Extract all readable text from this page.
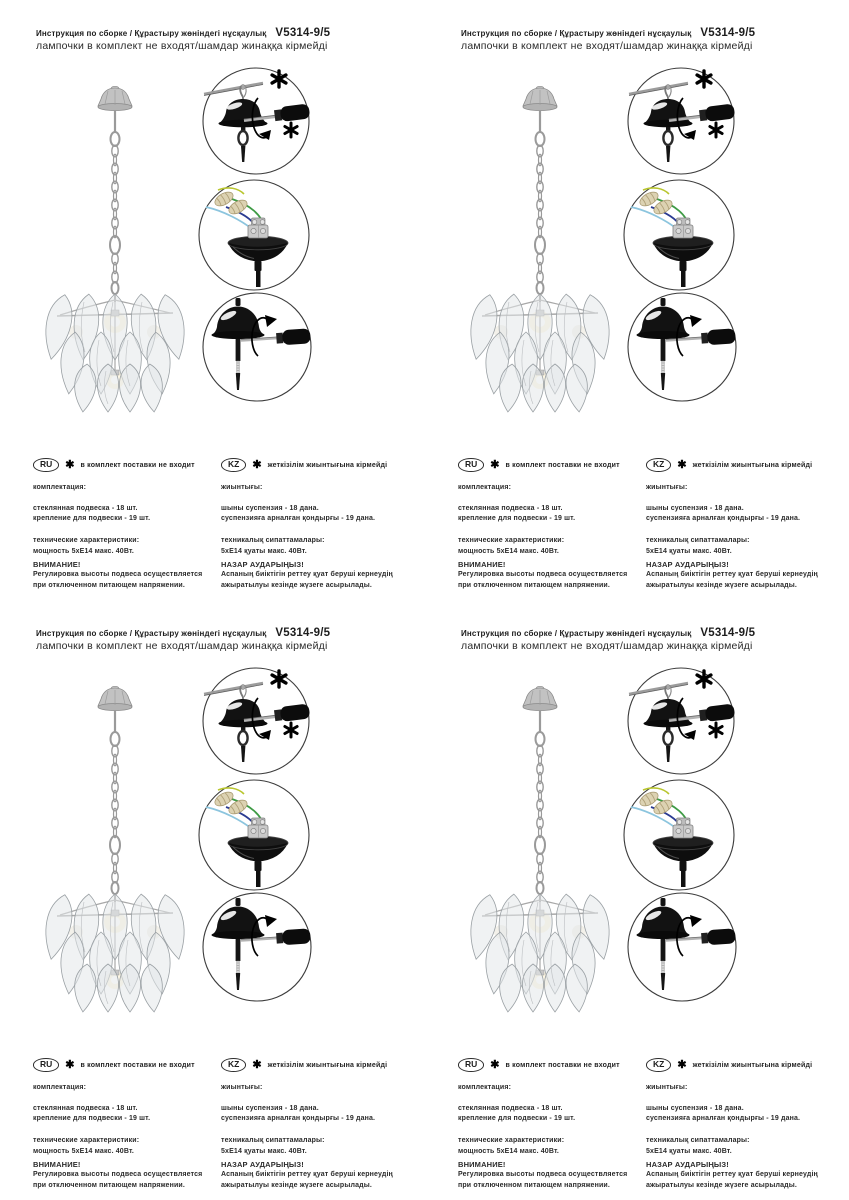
Инструкция по сборке / Құрастыру жөніндегі нұсқаулық V5314-9/5
лампочки в комплект не входят/шамдар жинаққа кірмейді
RU	✱ в комплект поставки не входит
комплектация:
стеклянная подвеска - 18 шт.
крепление для подвески - 19 шт.
технические характеристики:
мощность 5хЕ14 макс. 40Вт.
ВНИМАНИЕ!
Регулировка высоты подвеса осуществляется при отключенном питающем напряжении.
KZ	✱ жеткізілім жиынтығына кірмейді
жиынтығы:
шыны суспензия - 18 дана.
суспензияға арналған қондырғы - 19 дана.
техникалық сипаттамалары:
5хЕ14 қуаты макс. 40Вт.
НАЗАР АУДАРЫҢЫЗ!
Аспаның биіктігін реттеу қуат беруші кернеудің ажыратылуы кезінде жүзеге асырылады.
Инструкция по сборке / Құрастыру жөніндегі нұсқаулық V5314-9/5
лампочки в комплект не входят/шамдар жинаққа кірмейді
RU	✱ в комплект поставки не входит
комплектация:
стеклянная подвеска - 18 шт.
крепление для подвески - 19 шт.
технические характеристики:
мощность 5хЕ14 макс. 40Вт.
ВНИМАНИЕ!
Регулировка высоты подвеса осуществляется при отключенном питающем напряжении.
KZ	✱ жеткізілім жиынтығына кірмейді
жиынтығы:
шыны суспензия - 18 дана.
суспензияға арналған қондырғы - 19 дана.
техникалық сипаттамалары:
5хЕ14 қуаты макс. 40Вт.
НАЗАР АУДАРЫҢЫЗ!
Аспаның биіктігін реттеу қуат беруші кернеудің ажыратылуы кезінде жүзеге асырылады.
Инструкция по сборке / Құрастыру жөніндегі нұсқаулық V5314-9/5
лампочки в комплект не входят/шамдар жинаққа кірмейді
RU	✱ в комплект поставки не входит
комплектация:
стеклянная подвеска - 18 шт.
крепление для подвески - 19 шт.
технические характеристики:
мощность 5хЕ14 макс. 40Вт.
ВНИМАНИЕ!
Регулировка высоты подвеса осуществляется при отключенном питающем напряжении.
KZ	✱ жеткізілім жиынтығына кірмейді
жиынтығы:
шыны суспензия - 18 дана.
суспензияға арналған қондырғы - 19 дана.
техникалық сипаттамалары:
5хЕ14 қуаты макс. 40Вт.
НАЗАР АУДАРЫҢЫЗ!
Аспаның биіктігін реттеу қуат беруші кернеудің ажыратылуы кезінде жүзеге асырылады.
Инструкция по сборке / Құрастыру жөніндегі нұсқаулық V5314-9/5
лампочки в комплект не входят/шамдар жинаққа кірмейді
RU	✱ в комплект поставки не входит
комплектация:
стеклянная подвеска - 18 шт.
крепление для подвески - 19 шт.
технические характеристики:
мощность 5хЕ14 макс. 40Вт.
ВНИМАНИЕ!
Регулировка высоты подвеса осуществляется при отключенном питающем напряжении.
KZ	✱ жеткізілім жиынтығына кірмейді
жиынтығы:
шыны суспензия - 18 дана.
суспензияға арналған қондырғы - 19 дана.
техникалық сипаттамалары:
5хЕ14 қуаты макс. 40Вт.
НАЗАР АУДАРЫҢЫЗ!
Аспаның биіктігін реттеу қуат беруші кернеудің ажыратылуы кезінде жүзеге асырылады.
